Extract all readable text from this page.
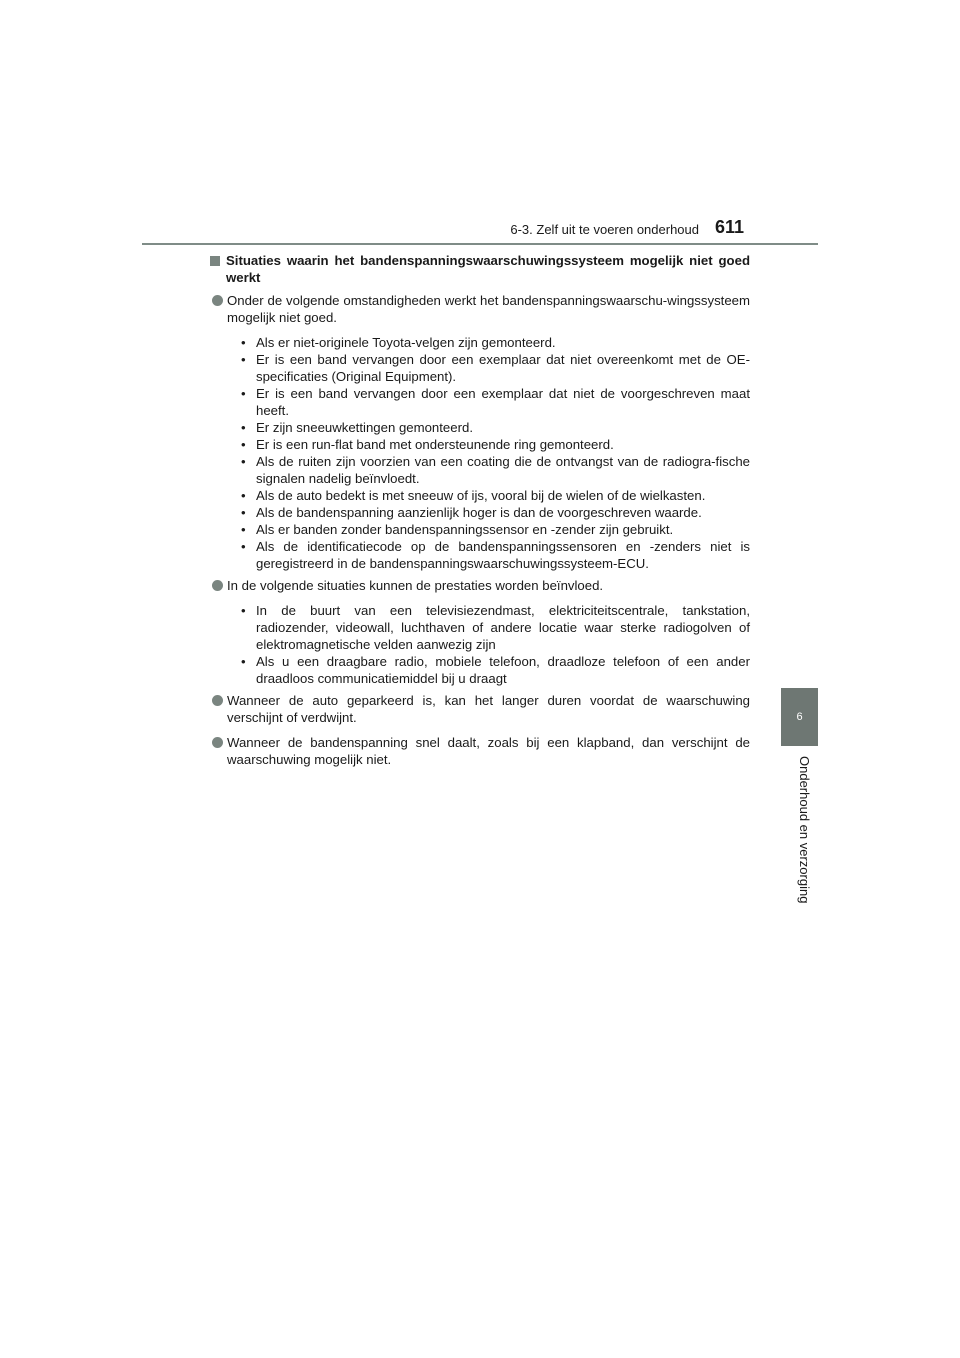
6-3. Zelf uit te voeren onderhoud 611
6
Onderhoud en verzorging
Situaties waarin het bandenspanningswaarschuwingssysteem mogelijk niet goed werkt
Onder de volgende omstandigheden werkt het bandenspanningswaarschu-wingssysteem mogelijk niet goed.
• Als er niet-originele Toyota-velgen zijn gemonteerd.
• Er is een band vervangen door een exemplaar dat niet overeenkomt met de OE-specificaties (Original Equipment).
• Er is een band vervangen door een exemplaar dat niet de voorgeschreven maat heeft.
• Er zijn sneeuwkettingen gemonteerd.
• Er is een run-flat band met ondersteunende ring gemonteerd.
• Als de ruiten zijn voorzien van een coating die de ontvangst van de radiogra-fische signalen nadelig beïnvloedt.
• Als de auto bedekt is met sneeuw of ijs, vooral bij de wielen of de wielkasten.
• Als de bandenspanning aanzienlijk hoger is dan de voorgeschreven waarde.
• Als er banden zonder bandenspanningssensor en -zender zijn gebruikt.
• Als de identificatiecode op de bandenspanningssensoren en -zenders niet is geregistreerd in de bandenspanningswaarschuwingssysteem-ECU.
In de volgende situaties kunnen de prestaties worden beïnvloed.
• In de buurt van een televisiezendmast, elektriciteitscentrale, tankstation, radiozender, videowall, luchthaven of andere locatie waar sterke radiogolven of elektromagnetische velden aanwezig zijn
• Als u een draagbare radio, mobiele telefoon, draadloze telefoon of een ander draadloos communicatiemiddel bij u draagt
Wanneer de auto geparkeerd is, kan het langer duren voordat de waarschuwing verschijnt of verdwijnt.
Wanneer de bandenspanning snel daalt, zoals bij een klapband, dan verschijnt de waarschuwing mogelijk niet.
